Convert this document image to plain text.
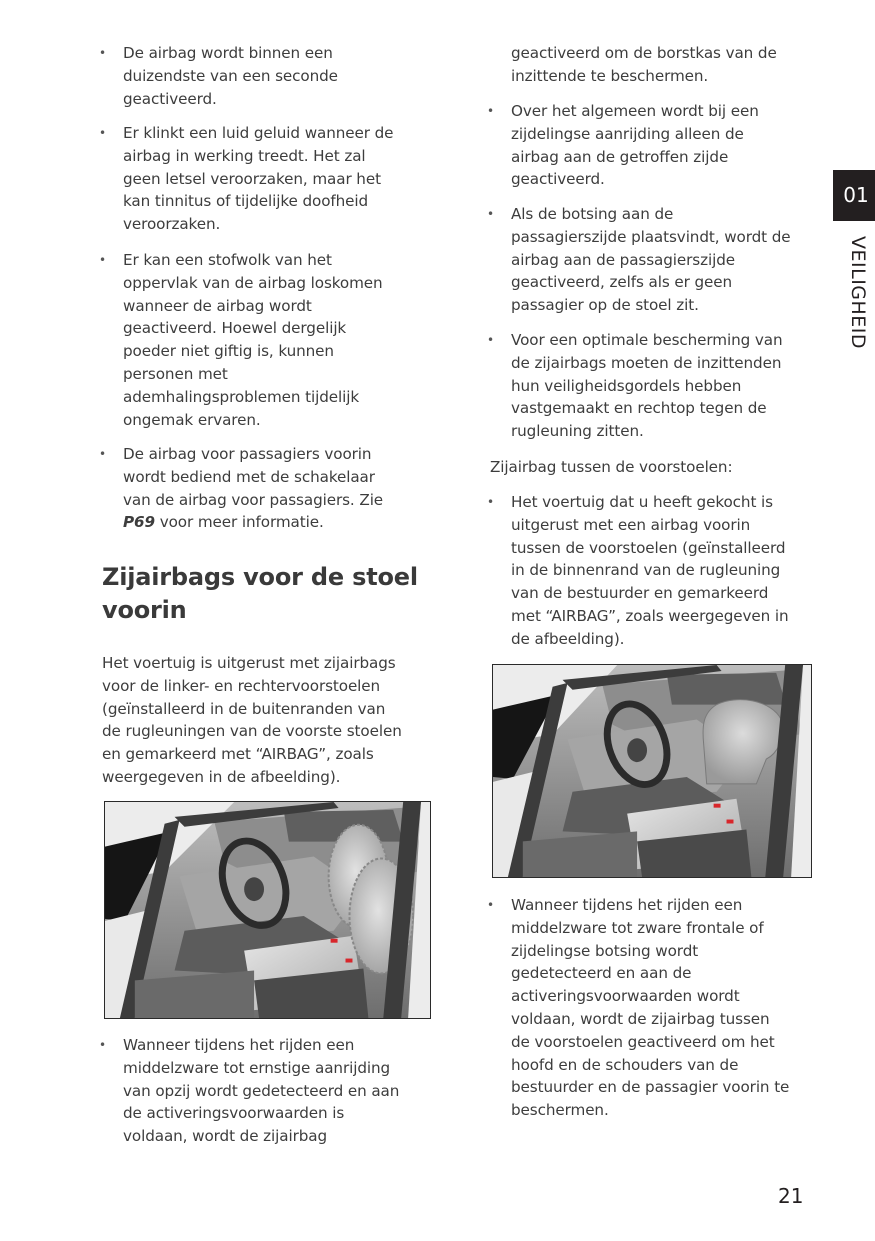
01
VEILIGHEID
• De airbag wordt binnen een
duizendste van een seconde
geactiveerd.
• Er klinkt een luid geluid wanneer de
airbag in werking treedt. Het zal
geen letsel veroorzaken, maar het
kan tinnitus of tijdelijke doofheid
veroorzaken.
• Er kan een stofwolk van het
oppervlak van de airbag loskomen
wanneer de airbag wordt
geactiveerd. Hoewel dergelijk
poeder niet giftig is, kunnen
personen met
ademhalingsproblemen tijdelijk
ongemak ervaren.
• De airbag voor passagiers voorin
wordt bediend met de schakelaar
van de airbag voor passagiers. Zie
P69 voor meer informatie.
Zijairbags voor de stoel
voorin
Het voertuig is uitgerust met zijairbags
voor de linker- en rechtervoorstoelen
(geïnstalleerd in de buitenranden van
de rugleuningen van de voorste stoelen
en gemarkeerd met “AIRBAG”, zoals
weergegeven in de afbeelding).
• Wanneer tijdens het rijden een
middelzware tot ernstige aanrijding
van opzij wordt gedetecteerd en aan
de activeringsvoorwaarden is
voldaan, wordt de zijairbag
geactiveerd om de borstkas van de
inzittende te beschermen.
• Over het algemeen wordt bij een
zijdelingse aanrijding alleen de
airbag aan de getroffen zijde
geactiveerd.
• Als de botsing aan de
passagierszijde plaatsvindt, wordt de
airbag aan de passagierszijde
geactiveerd, zelfs als er geen
passagier op de stoel zit.
• Voor een optimale bescherming van
de zijairbags moeten de inzittenden
hun veiligheidsgordels hebben
vastgemaakt en rechtop tegen de
rugleuning zitten.
Zijairbag tussen de voorstoelen:
• Het voertuig dat u heeft gekocht is
uitgerust met een airbag voorin
tussen de voorstoelen (geïnstalleerd
in de binnenrand van de rugleuning
van de bestuurder en gemarkeerd
met “AIRBAG”, zoals weergegeven in
de afbeelding).
• Wanneer tijdens het rijden een
middelzware tot zware frontale of
zijdelingse botsing wordt
gedetecteerd en aan de
activeringsvoorwaarden wordt
voldaan, wordt de zijairbag tussen
de voorstoelen geactiveerd om het
hoofd en de schouders van de
bestuurder en de passagier voorin te
beschermen.
21
